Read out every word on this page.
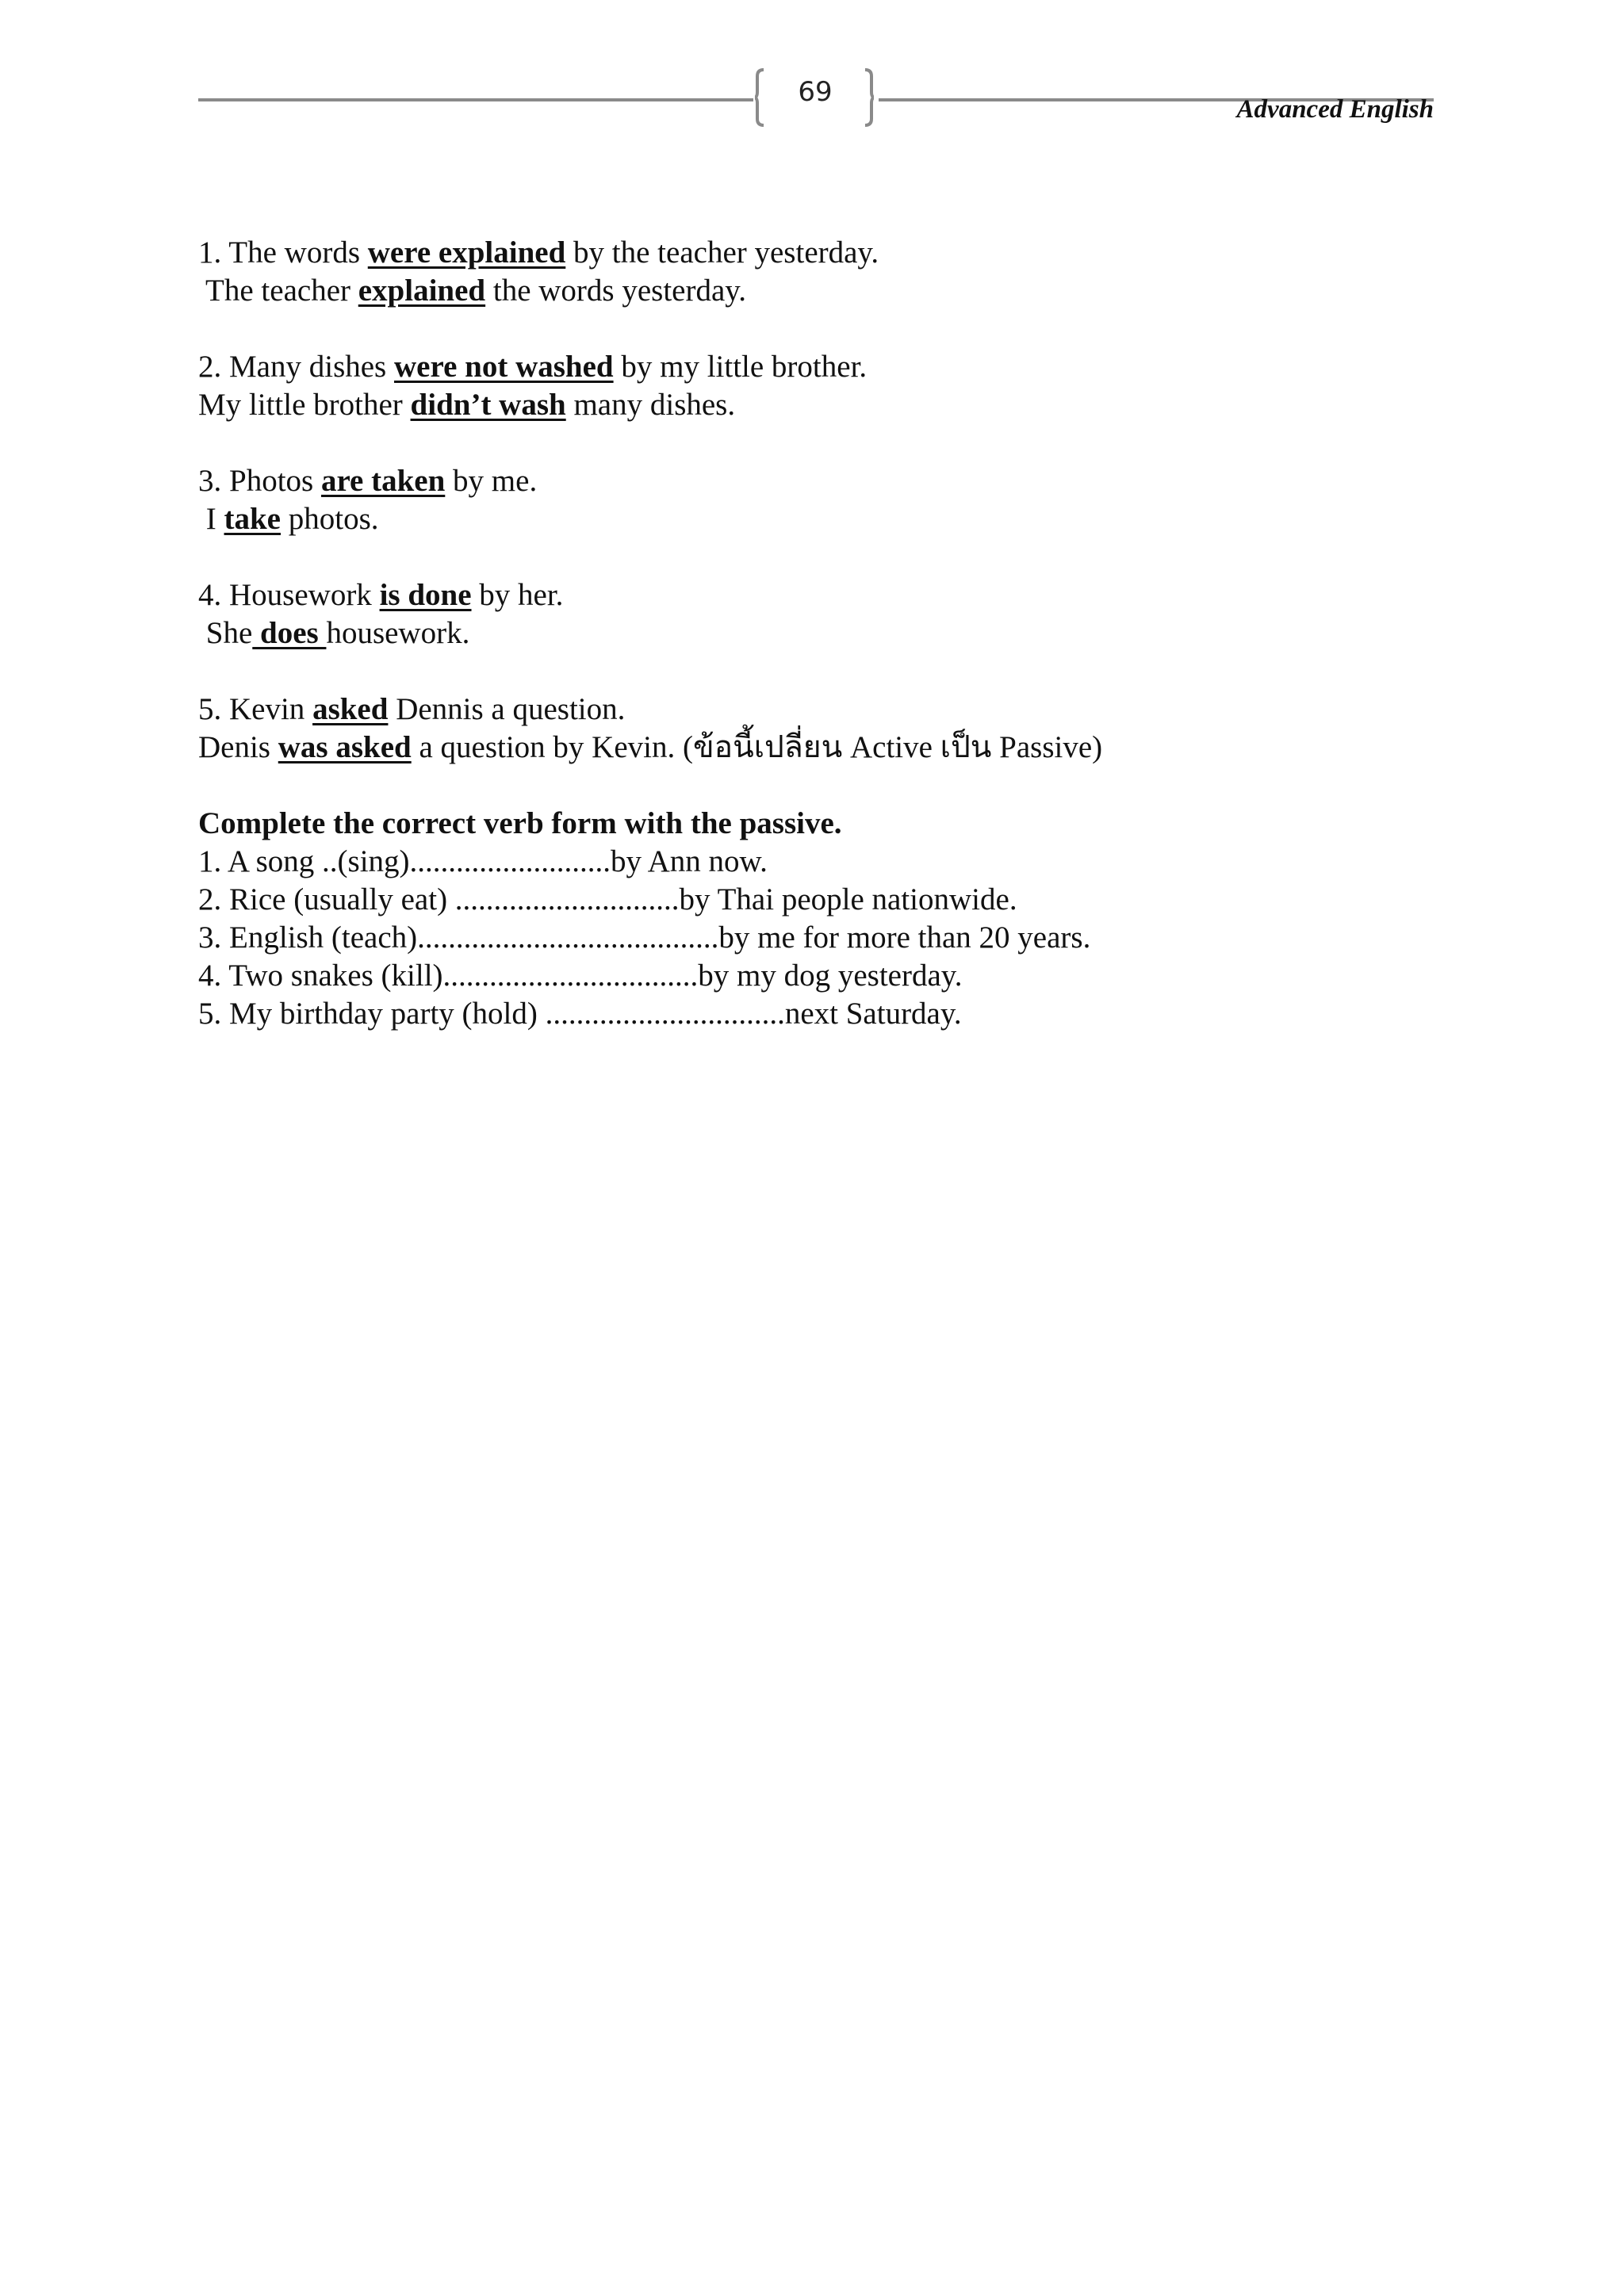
69
Advanced English
1. The words were explained by the teacher yesterday.
The teacher explained the words yesterday.
2. Many dishes were not washed by my little brother.
My little brother didn’t wash many dishes.
3. Photos are taken by me.
I take photos.
4. Housework is done by her.
She does housework.
5. Kevin asked Dennis a question.
Denis was asked a question by Kevin. (ข้อนี้เปลี่ยน Active เป็น Passive)
Complete the correct verb form with the passive.
1. A song ..(sing)..........................by Ann now.
2. Rice (usually eat) .............................by Thai people nationwide.
3. English (teach).......................................by me for more than 20 years.
4. Two snakes (kill).................................by my dog yesterday.
5. My birthday party (hold) ...............................next Saturday.
